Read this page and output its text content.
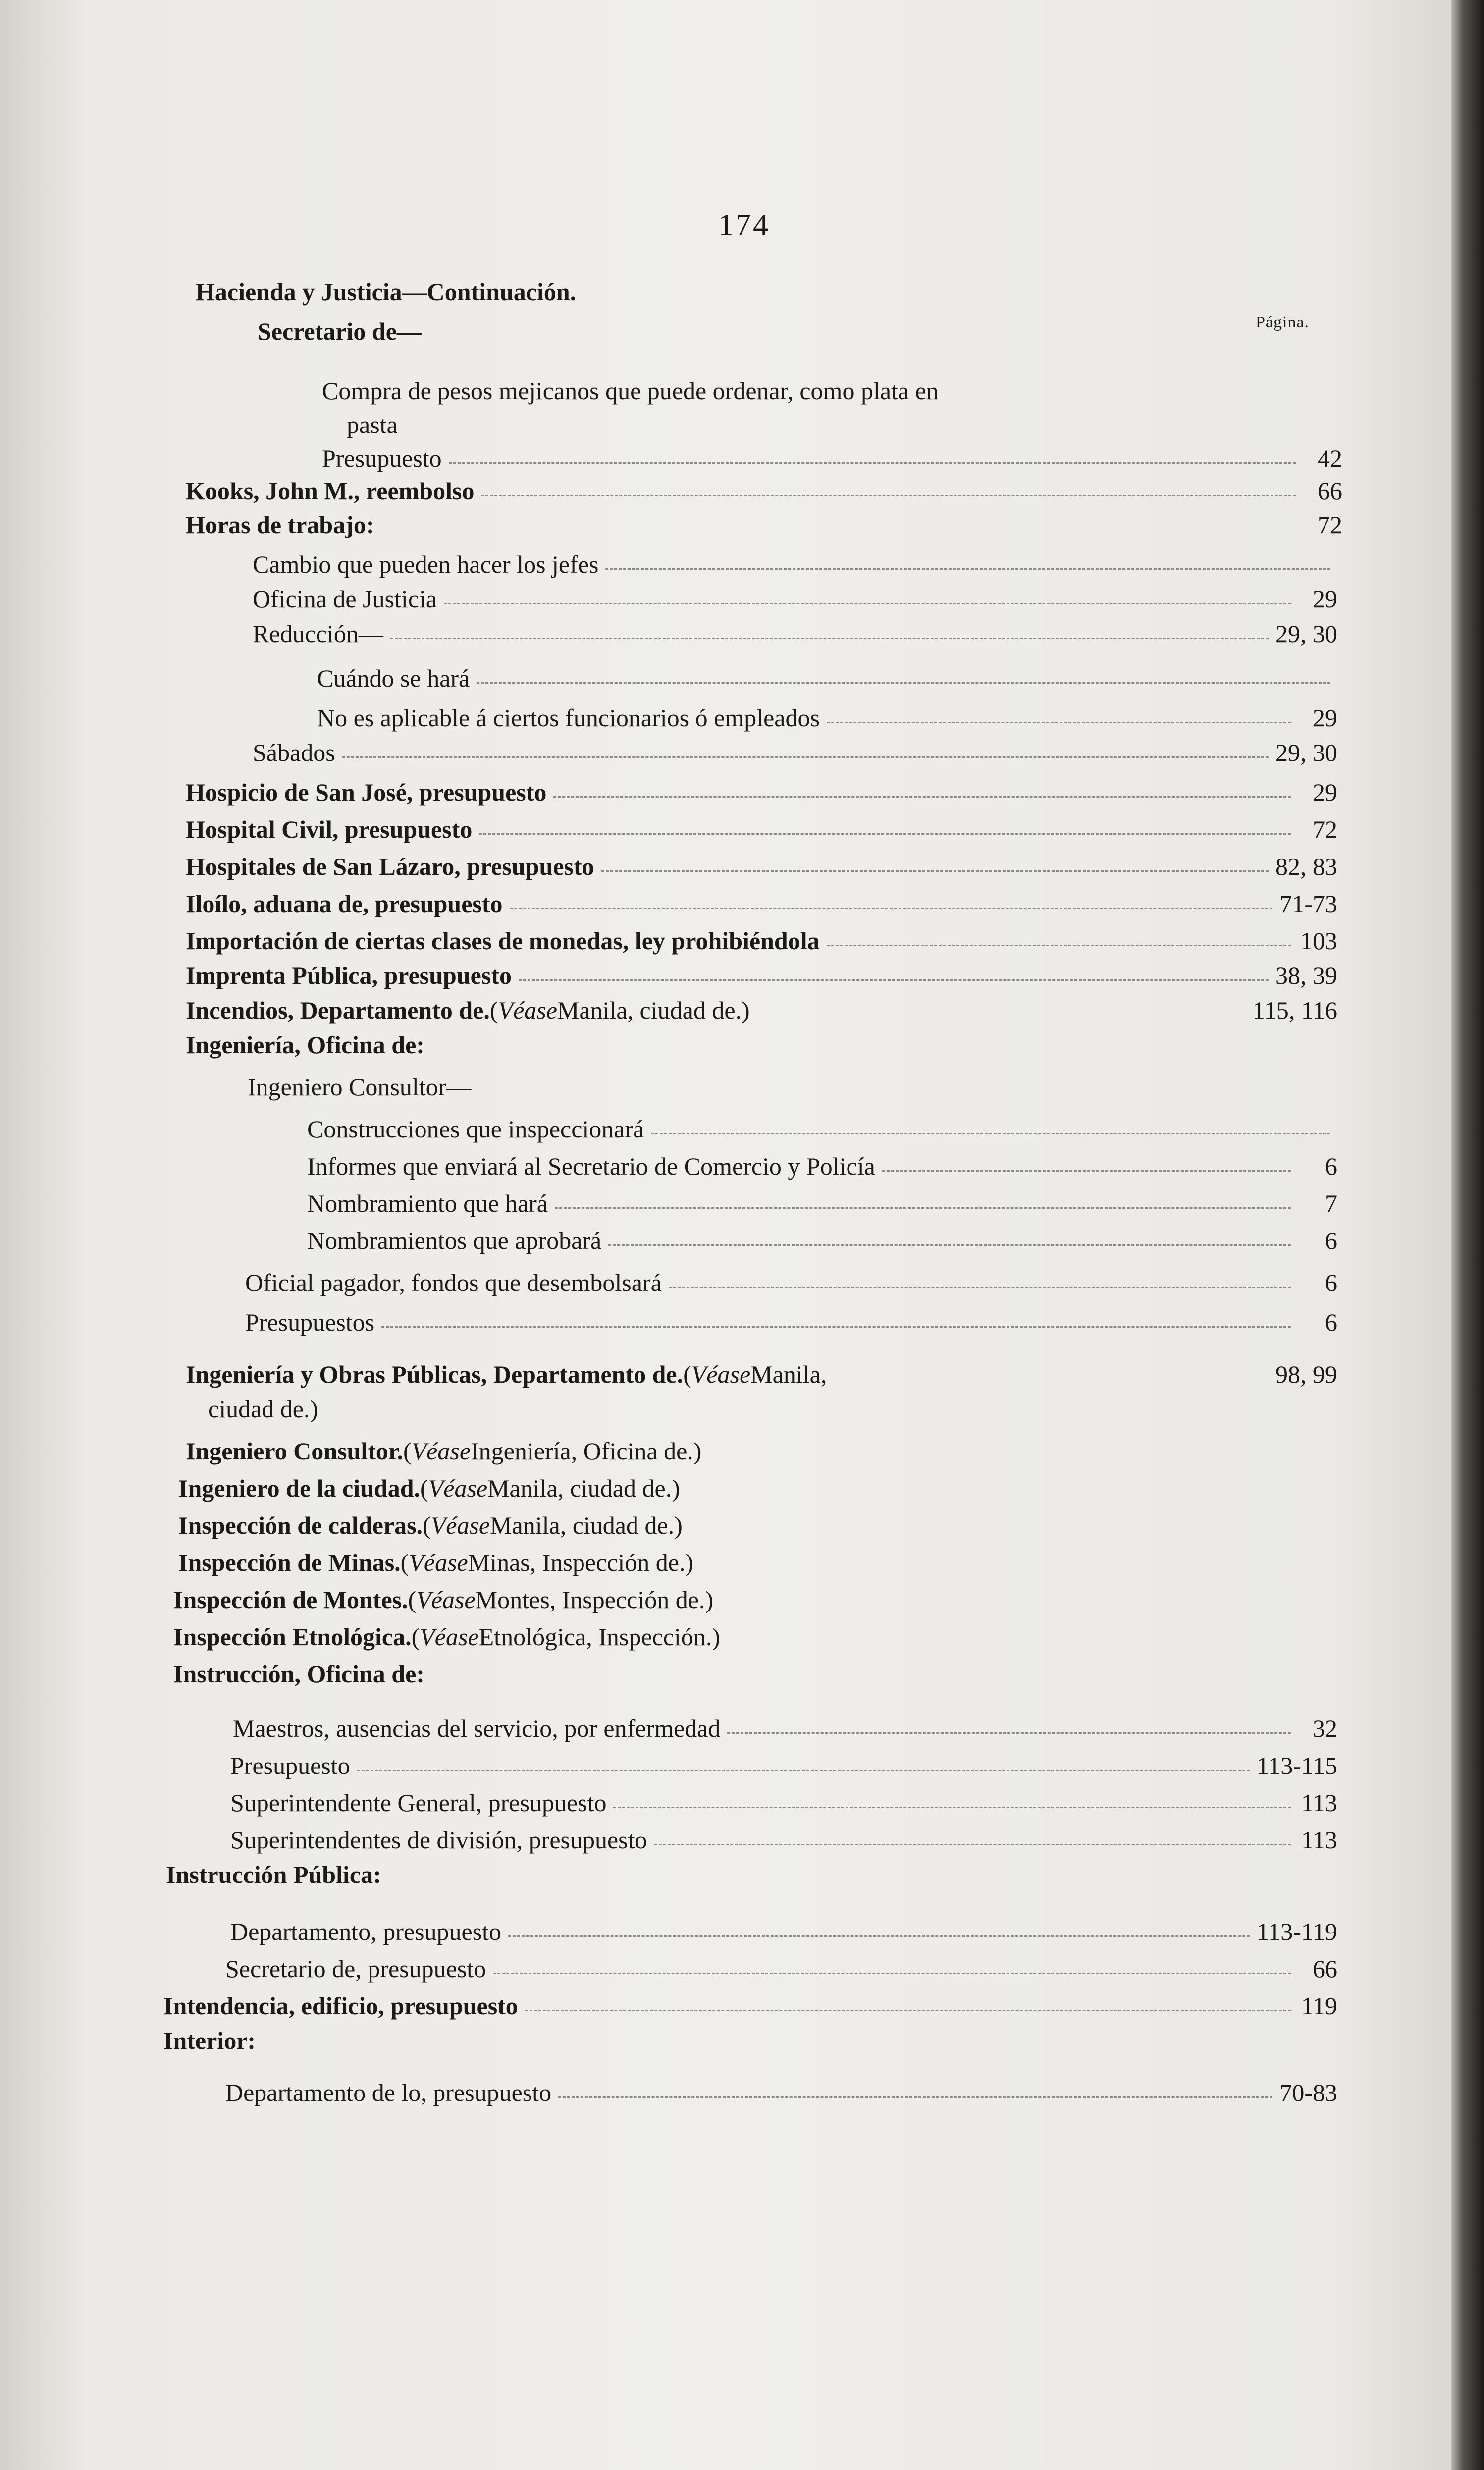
174
Página.
Hacienda y Justicia—Continuación.
Secretario de—
Compra de pesos mejicanos que puede ordenar, como plata en
pasta
Presupuesto	42
Kooks, John M., reembolso	66
Horas de trabajo:	72
Cambio que pueden hacer los jefes
Oficina de Justicia	29
Reducción—	29, 30
Cuándo se hará
No es aplicable á ciertos funcionarios ó empleados	29
Sábados	29, 30
Hospicio de San José, presupuesto	29
Hospital Civil, presupuesto	72
Hospitales de San Lázaro, presupuesto	82, 83
Iloílo, aduana de, presupuesto	71-73
Importación de ciertas clases de monedas, ley prohibiéndola	103
Imprenta Pública, presupuesto	38, 39
Incendios, Departamento de. ( Véase Manila, ciudad de. )	115, 116
Ingeniería, Oficina de:
Ingeniero Consultor—
Construcciones que inspeccionará
Informes que enviará al Secretario de Comercio y Policía	6
Nombramiento que hará	7
Nombramientos que aprobará	6
Oficial pagador, fondos que desembolsará	6
Presupuestos	6
Ingeniería y Obras Públicas, Departamento de. ( Véase Manila,	98, 99
ciudad de.)
Ingeniero Consultor. ( Véase Ingeniería, Oficina de. )
Ingeniero de la ciudad. ( Véase Manila, ciudad de. )
Inspección de calderas. ( Véase Manila, ciudad de. )
Inspección de Minas. ( Véase Minas, Inspección de. )
Inspección de Montes. ( Véase Montes, Inspección de. )
Inspección Etnológica. ( Véase Etnológica, Inspección. )
Instrucción, Oficina de:
Maestros, ausencias del servicio, por enfermedad	32
Presupuesto	113-115
Superintendente General, presupuesto	113
Superintendentes de división, presupuesto	113
Instrucción Pública:
Departamento, presupuesto	113-119
Secretario de, presupuesto	66
Intendencia, edificio, presupuesto	119
Interior:
Departamento de lo, presupuesto	70-83
